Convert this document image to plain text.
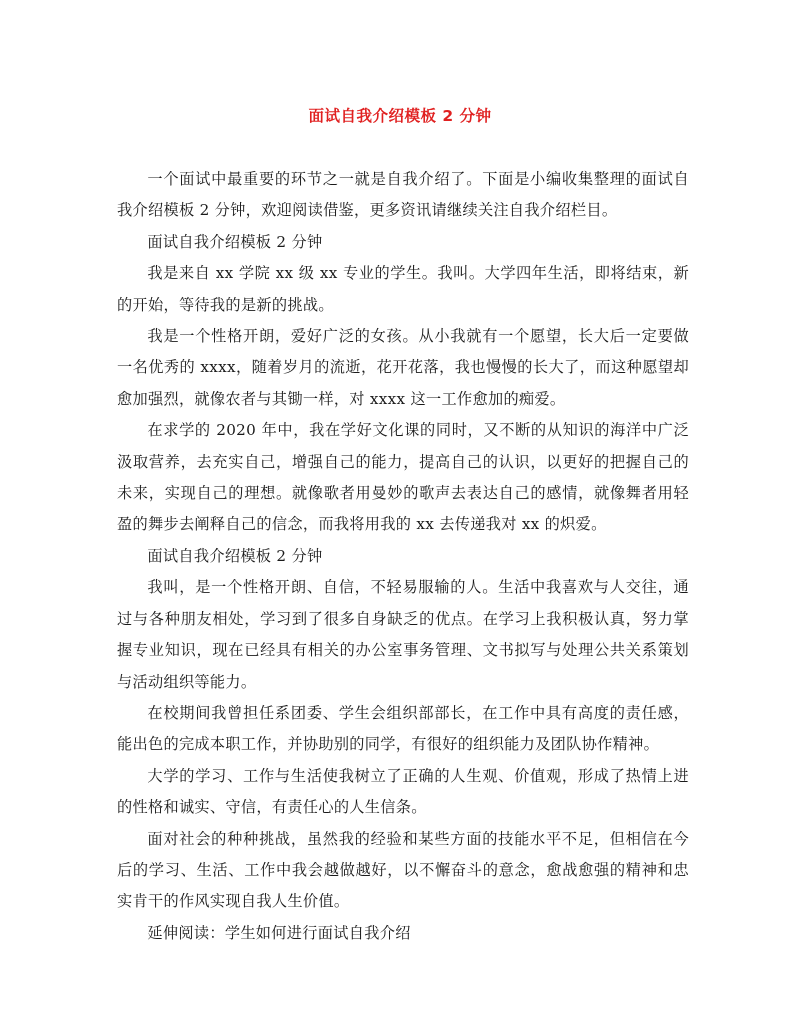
面试自我介绍模板 2 分钟

一个面试中最重要的环节之一就是自我介绍了。下面是小编收集整理的面试自我介绍模板 2 分钟，欢迎阅读借鉴，更多资讯请继续关注自我介绍栏目。

面试自我介绍模板 2 分钟

我是来自 xx 学院 xx 级 xx 专业的学生。我叫。大学四年生活，即将结束，新的开始，等待我的是新的挑战。

我是一个性格开朗，爱好广泛的女孩。从小我就有一个愿望，长大后一定要做一名优秀的 xxxx，随着岁月的流逝，花开花落，我也慢慢的长大了，而这种愿望却愈加强烈，就像农者与其锄一样，对 xxxx 这一工作愈加的痴爱。

在求学的 2020 年中，我在学好文化课的同时，又不断的从知识的海洋中广泛汲取营养，去充实自己，增强自己的能力，提高自己的认识，以更好的把握自己的未来，实现自己的理想。就像歌者用曼妙的歌声去表达自己的感情，就像舞者用轻盈的舞步去阐释自己的信念，而我将用我的 xx 去传递我对 xx 的炽爱。

面试自我介绍模板 2 分钟

我叫，是一个性格开朗、自信，不轻易服输的人。生活中我喜欢与人交往，通过与各种朋友相处，学习到了很多自身缺乏的优点。在学习上我积极认真，努力掌握专业知识，现在已经具有相关的办公室事务管理、文书拟写与处理公共关系策划与活动组织等能力。

在校期间我曾担任系团委、学生会组织部部长，在工作中具有高度的责任感，能出色的完成本职工作，并协助别的同学，有很好的组织能力及团队协作精神。

大学的学习、工作与生活使我树立了正确的人生观、价值观，形成了热情上进的性格和诚实、守信，有责任心的人生信条。

面对社会的种种挑战，虽然我的经验和某些方面的技能水平不足，但相信在今后的学习、生活、工作中我会越做越好，以不懈奋斗的意念，愈战愈强的精神和忠实肯干的作风实现自我人生价值。

延伸阅读：学生如何进行面试自我介绍
